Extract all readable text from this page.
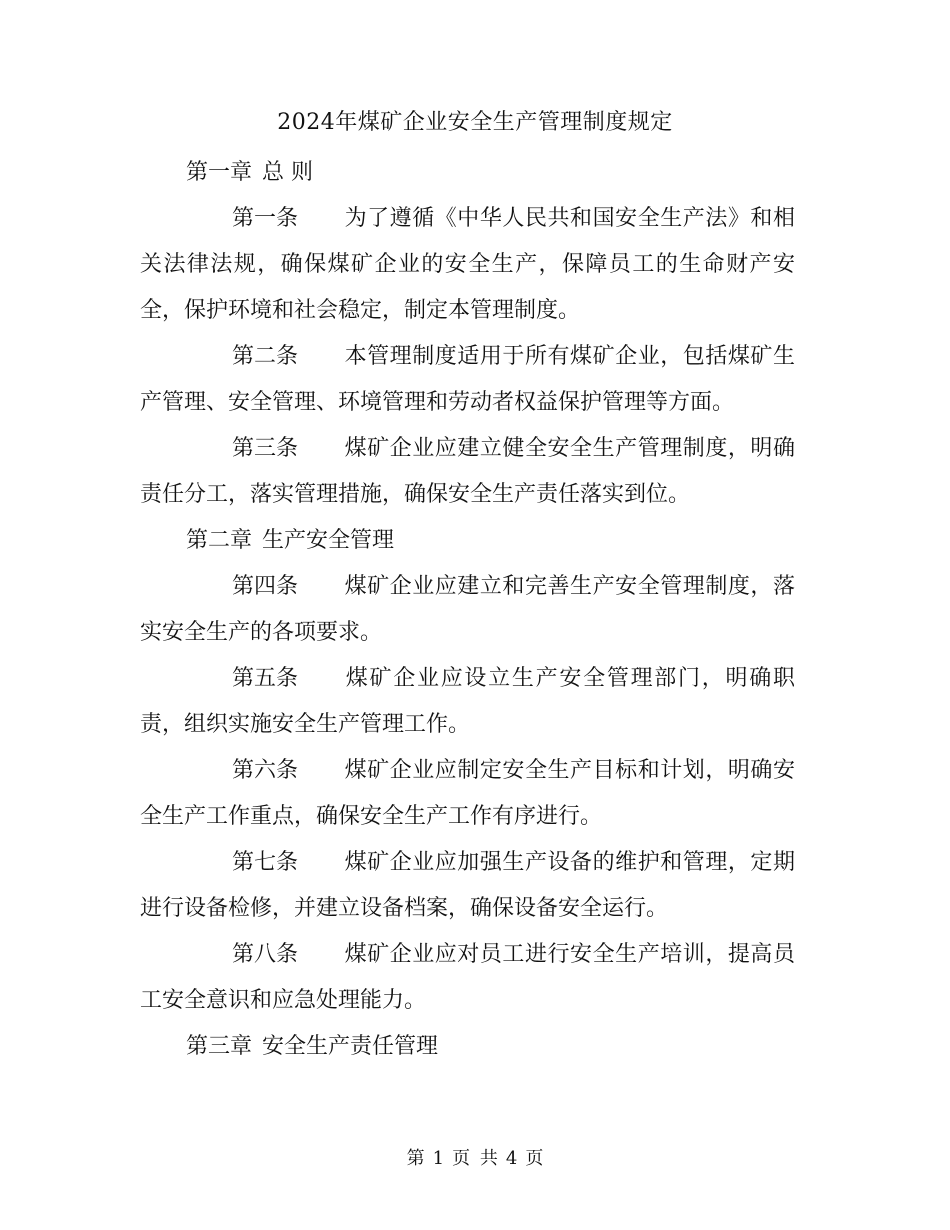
2024年煤矿企业安全生产管理制度规定

第一章 总 则

第一条 为了遵循《中华人民共和国安全生产法》和相关法律法规，确保煤矿企业的安全生产，保障员工的生命财产安全，保护环境和社会稳定，制定本管理制度。

第二条 本管理制度适用于所有煤矿企业，包括煤矿生产管理、安全管理、环境管理和劳动者权益保护管理等方面。

第三条 煤矿企业应建立健全安全生产管理制度，明确责任分工，落实管理措施，确保安全生产责任落实到位。

第二章 生产安全管理

第四条 煤矿企业应建立和完善生产安全管理制度，落实安全生产的各项要求。

第五条 煤矿企业应设立生产安全管理部门，明确职责，组织实施安全生产管理工作。

第六条 煤矿企业应制定安全生产目标和计划，明确安全生产工作重点，确保安全生产工作有序进行。

第七条 煤矿企业应加强生产设备的维护和管理，定期进行设备检修，并建立设备档案，确保设备安全运行。

第八条 煤矿企业应对员工进行安全生产培训，提高员工安全意识和应急处理能力。

第三章 安全生产责任管理

第 1 页 共 4 页
